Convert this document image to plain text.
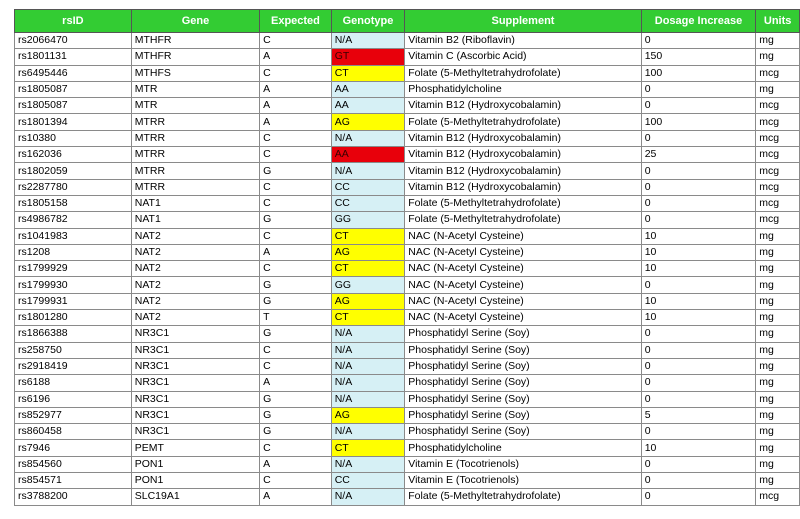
rsID	Gene	Expected	Genotype	Supplement	Dosage Increase	Units
rs2066470	MTHFR	C	N/A	Vitamin B2 (Riboflavin)	0	mg
rs1801131	MTHFR	A	GT	Vitamin C (Ascorbic Acid)	150	mg
rs6495446	MTHFS	C	CT	Folate (5-Methyltetrahydrofolate)	100	mcg
rs1805087	MTR	A	AA	Phosphatidylcholine	0	mg
rs1805087	MTR	A	AA	Vitamin B12 (Hydroxycobalamin)	0	mcg
rs1801394	MTRR	A	AG	Folate (5-Methyltetrahydrofolate)	100	mcg
rs10380	MTRR	C	N/A	Vitamin B12 (Hydroxycobalamin)	0	mcg
rs162036	MTRR	C	AA	Vitamin B12 (Hydroxycobalamin)	25	mcg
rs1802059	MTRR	G	N/A	Vitamin B12 (Hydroxycobalamin)	0	mcg
rs2287780	MTRR	C	CC	Vitamin B12 (Hydroxycobalamin)	0	mcg
rs1805158	NAT1	C	CC	Folate (5-Methyltetrahydrofolate)	0	mcg
rs4986782	NAT1	G	GG	Folate (5-Methyltetrahydrofolate)	0	mcg
rs1041983	NAT2	C	CT	NAC (N-Acetyl Cysteine)	10	mg
rs1208	NAT2	A	AG	NAC (N-Acetyl Cysteine)	10	mg
rs1799929	NAT2	C	CT	NAC (N-Acetyl Cysteine)	10	mg
rs1799930	NAT2	G	GG	NAC (N-Acetyl Cysteine)	0	mg
rs1799931	NAT2	G	AG	NAC (N-Acetyl Cysteine)	10	mg
rs1801280	NAT2	T	CT	NAC (N-Acetyl Cysteine)	10	mg
rs1866388	NR3C1	G	N/A	Phosphatidyl Serine (Soy)	0	mg
rs258750	NR3C1	C	N/A	Phosphatidyl Serine (Soy)	0	mg
rs2918419	NR3C1	C	N/A	Phosphatidyl Serine (Soy)	0	mg
rs6188	NR3C1	A	N/A	Phosphatidyl Serine (Soy)	0	mg
rs6196	NR3C1	G	N/A	Phosphatidyl Serine (Soy)	0	mg
rs852977	NR3C1	G	AG	Phosphatidyl Serine (Soy)	5	mg
rs860458	NR3C1	G	N/A	Phosphatidyl Serine (Soy)	0	mg
rs7946	PEMT	C	CT	Phosphatidylcholine	10	mg
rs854560	PON1	A	N/A	Vitamin E (Tocotrienols)	0	mg
rs854571	PON1	C	CC	Vitamin E (Tocotrienols)	0	mg
rs3788200	SLC19A1	A	N/A	Folate (5-Methyltetrahydrofolate)	0	mcg
